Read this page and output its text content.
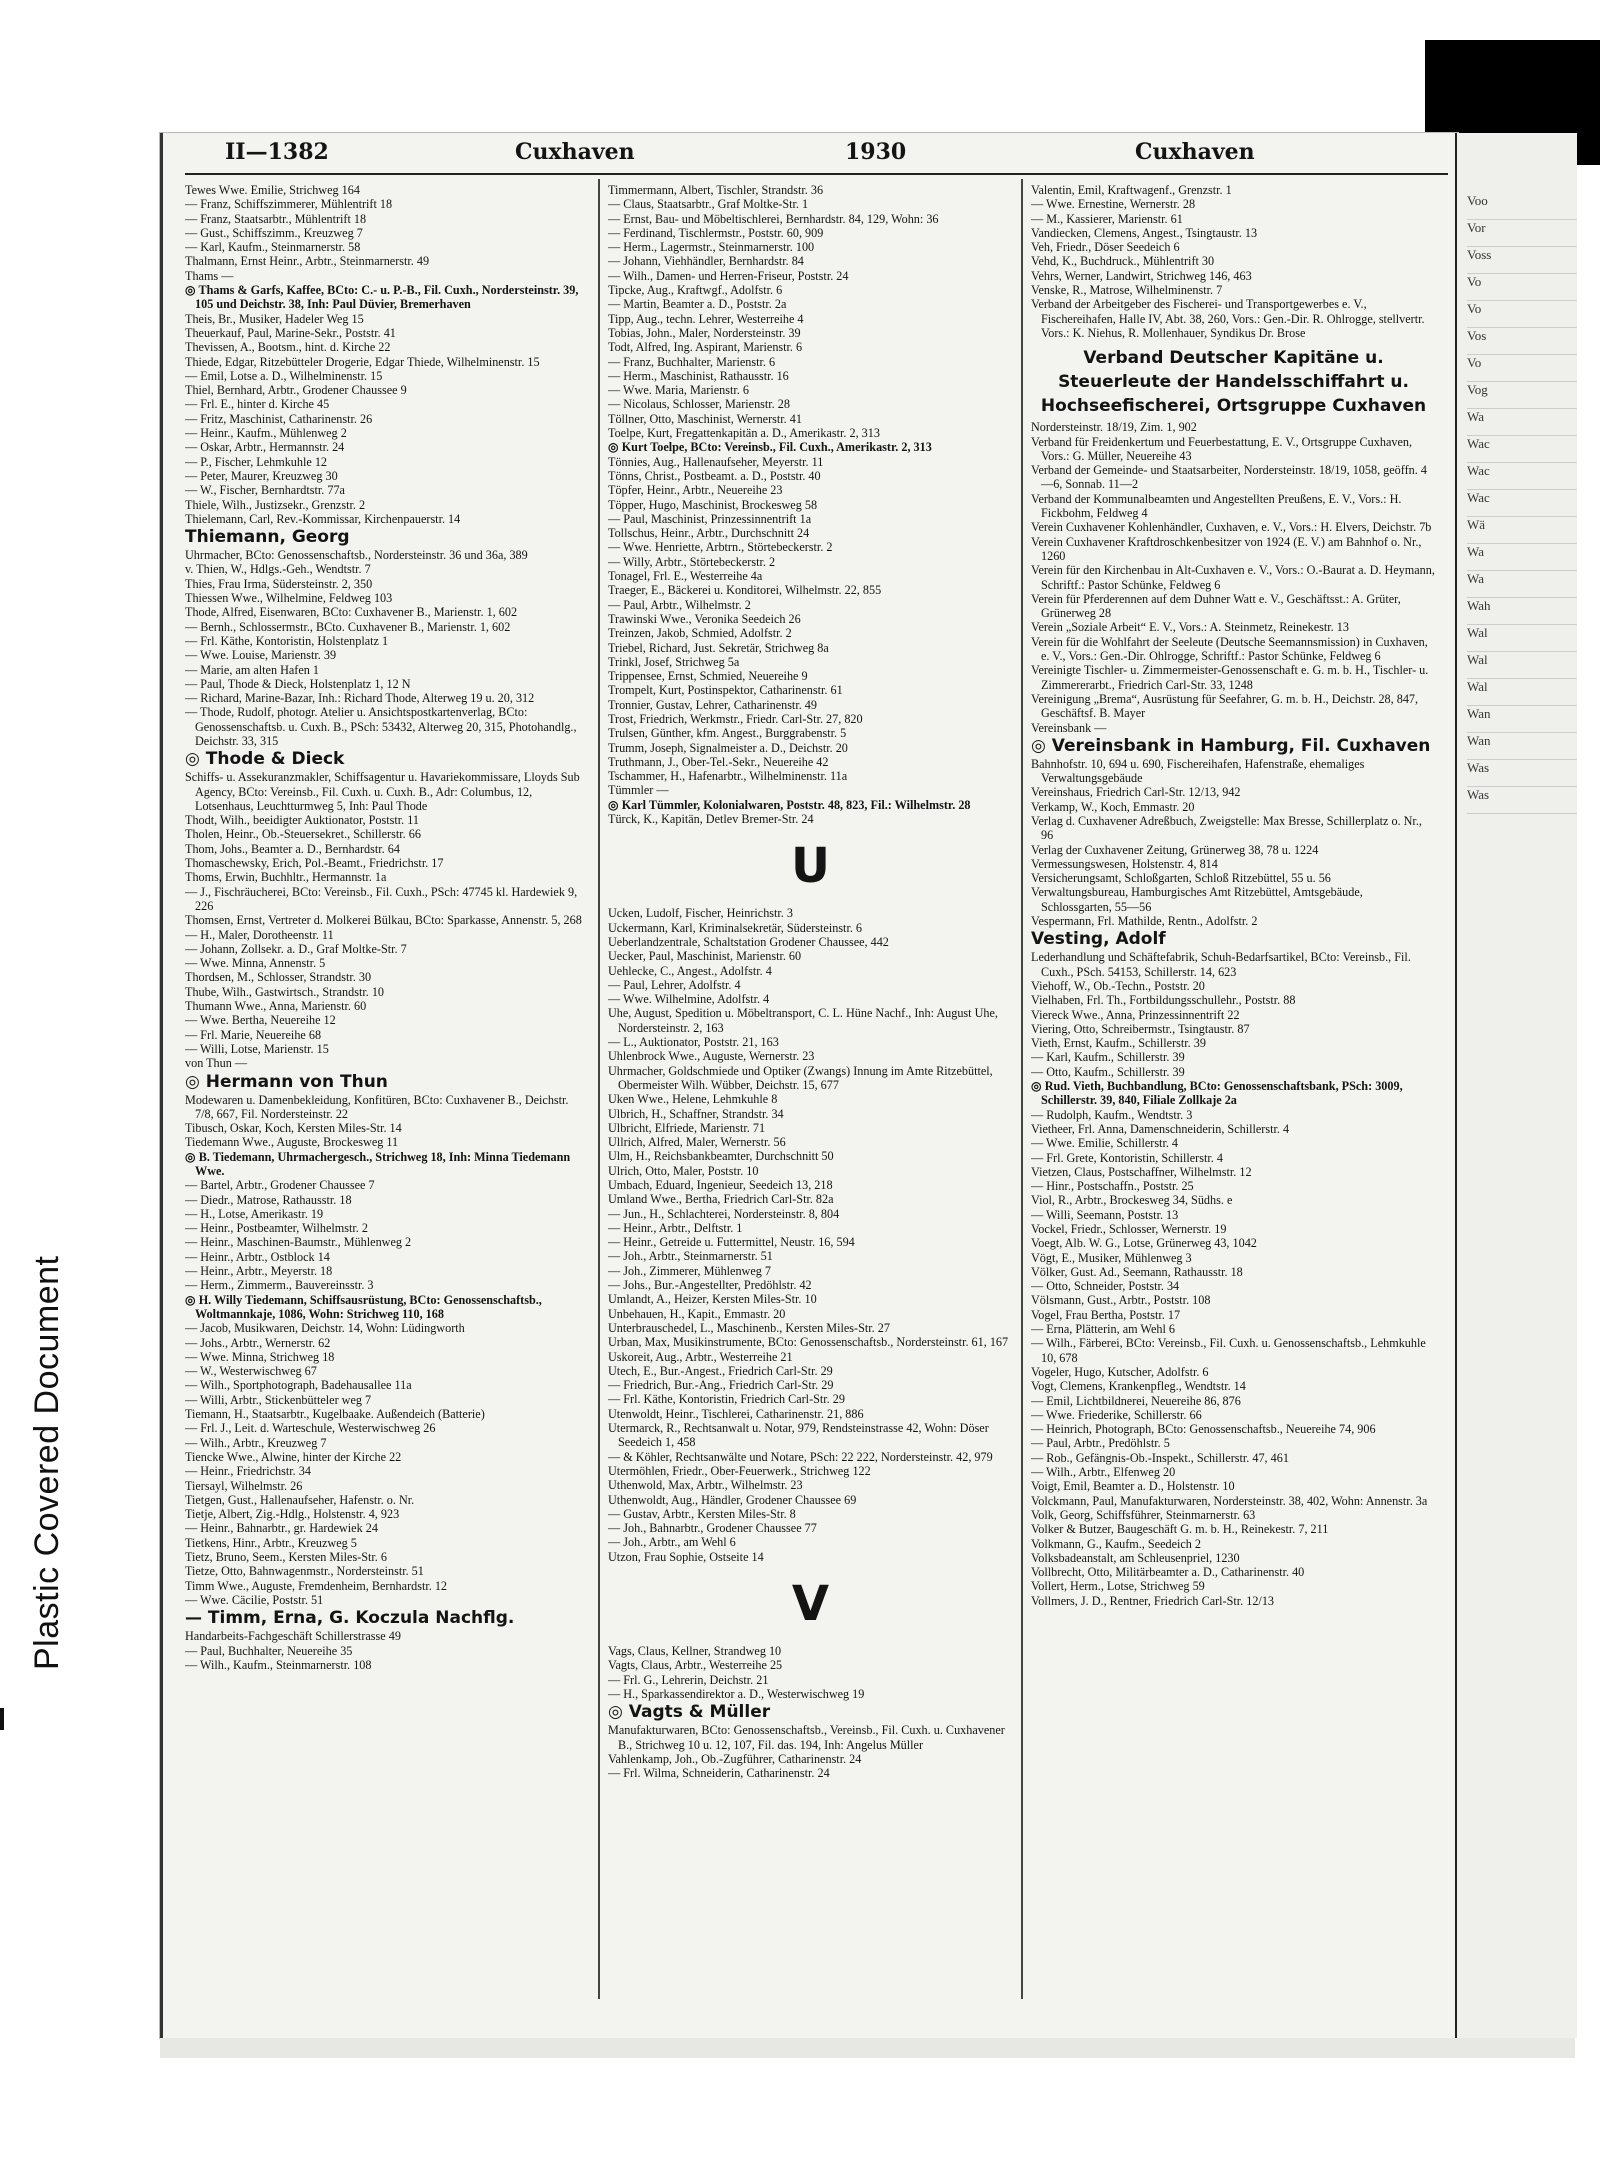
Plastic Covered Document
II—1382	Cuxhaven	1930	Cuxhaven

Tewes Wwe. Emilie, Strichweg 164

— Franz, Schiffszimmerer, Mühlentrift 18

— Franz, Staatsarbtr., Mühlentrift 18

— Gust., Schiffszimm., Kreuzweg 7

— Karl, Kaufm., Steinmarnerstr. 58

Thalmann, Ernst Heinr., Arbtr., Steinmarnerstr. 49

Thams —

◎ Thams & Garfs, Kaffee, BCto: C.- u. P.-B., Fil. Cuxh., Nordersteinstr. 39, 105 und Deichstr. 38, Inh: Paul Düvier, Bremerhaven

Theis, Br., Musiker, Hadeler Weg 15

Theuerkauf, Paul, Marine-Sekr., Poststr. 41

Thevissen, A., Bootsm., hint. d. Kirche 22

Thiede, Edgar, Ritzebütteler Drogerie, Edgar Thiede, Wilhelminenstr. 15

— Emil, Lotse a. D., Wilhelminenstr. 15

Thiel, Bernhard, Arbtr., Grodener Chaussee 9

— Frl. E., hinter d. Kirche 45

— Fritz, Maschinist, Catharinenstr. 26

— Heinr., Kaufm., Mühlenweg 2

— Oskar, Arbtr., Hermannstr. 24

— P., Fischer, Lehmkuhle 12

— Peter, Maurer, Kreuzweg 30

— W., Fischer, Bernhardtstr. 77a

Thiele, Wilh., Justizsekr., Grenzstr. 2

Thielemann, Carl, Rev.-Kommissar, Kirchenpauerstr. 14

Thiemann, Georg

Uhrmacher, BCto: Genossenschaftsb., Nordersteinstr. 36 und 36a, 389

v. Thien, W., Hdlgs.-Geh., Wendtstr. 7

Thies, Frau Irma, Südersteinstr. 2, 350

Thiessen Wwe., Wilhelmine, Feldweg 103

Thode, Alfred, Eisenwaren, BCto: Cuxhavener B., Marienstr. 1, 602

— Bernh., Schlossermstr., BCto. Cuxhavener B., Marienstr. 1, 602

— Frl. Käthe, Kontoristin, Holstenplatz 1

— Wwe. Louise, Marienstr. 39

— Marie, am alten Hafen 1

— Paul, Thode & Dieck, Holstenplatz 1, 12 N

— Richard, Marine-Bazar, Inh.: Richard Thode, Alterweg 19 u. 20, 312

— Thode, Rudolf, photogr. Atelier u. Ansichtspostkartenverlag, BCto: Genossenschaftsb. u. Cuxh. B., PSch: 53432, Alterweg 20, 315, Photohandlg., Deichstr. 33, 315

◎ Thode & Dieck

Schiffs- u. Assekuranzmakler, Schiffsagentur u. Havariekommissare, Lloyds Sub Agency, BCto: Vereinsb., Fil. Cuxh. u. Cuxh. B., Adr: Columbus, 12, Lotsenhaus, Leuchtturmweg 5, Inh: Paul Thode

Thodt, Wilh., beeidigter Auktionator, Poststr. 11

Tholen, Heinr., Ob.-Steuersekret., Schillerstr. 66

Thom, Johs., Beamter a. D., Bernhardstr. 64

Thomaschewsky, Erich, Pol.-Beamt., Friedrichstr. 17

Thoms, Erwin, Buchhltr., Hermannstr. 1a

— J., Fischräucherei, BCto: Vereinsb., Fil. Cuxh., PSch: 47745 kl. Hardewiek 9, 226

Thomsen, Ernst, Vertreter d. Molkerei Bülkau, BCto: Sparkasse, Annenstr. 5, 268

— H., Maler, Dorotheenstr. 11

— Johann, Zollsekr. a. D., Graf Moltke-Str. 7

— Wwe. Minna, Annenstr. 5

Thordsen, M., Schlosser, Strandstr. 30

Thube, Wilh., Gastwirtsch., Strandstr. 10

Thumann Wwe., Anna, Marienstr. 60

— Wwe. Bertha, Neuereihe 12

— Frl. Marie, Neuereihe 68

— Willi, Lotse, Marienstr. 15

von Thun —

◎ Hermann von Thun

Modewaren u. Damenbekleidung, Konfitüren, BCto: Cuxhavener B., Deichstr. 7/8, 667, Fil. Nordersteinstr. 22

Tibusch, Oskar, Koch, Kersten Miles-Str. 14

Tiedemann Wwe., Auguste, Brockesweg 11

◎ B. Tiedemann, Uhrmachergesch., Strichweg 18, Inh: Minna Tiedemann Wwe.

— Bartel, Arbtr., Grodener Chaussee 7

— Diedr., Matrose, Rathausstr. 18

— H., Lotse, Amerikastr. 19

— Heinr., Postbeamter, Wilhelmstr. 2

— Heinr., Maschinen-Baumstr., Mühlenweg 2

— Heinr., Arbtr., Ostblock 14

— Heinr., Arbtr., Meyerstr. 18

— Herm., Zimmerm., Bauvereinsstr. 3

◎ H. Willy Tiedemann, Schiffsausrüstung, BCto: Genossenschaftsb., Woltmannkaje, 1086, Wohn: Strichweg 110, 168

— Jacob, Musikwaren, Deichstr. 14, Wohn: Lüdingworth

— Johs., Arbtr., Wernerstr. 62

— Wwe. Minna, Strichweg 18

— W., Westerwischweg 67

— Wilh., Sportphotograph, Badehausallee 11a

— Willi, Arbtr., Stickenbütteler weg 7

Tiemann, H., Staatsarbtr., Kugelbaake. Außendeich (Batterie)

— Frl. J., Leit. d. Warteschule, Westerwischweg 26

— Wilh., Arbtr., Kreuzweg 7

Tiencke Wwe., Alwine, hinter der Kirche 22

— Heinr., Friedrichstr. 34

Tiersayl, Wilhelmstr. 26

Tietgen, Gust., Hallenaufseher, Hafenstr. o. Nr.

Tietje, Albert, Zig.-Hdlg., Holstenstr. 4, 923

— Heinr., Bahnarbtr., gr. Hardewiek 24

Tietkens, Hinr., Arbtr., Kreuzweg 5

Tietz, Bruno, Seem., Kersten Miles-Str. 6

Tietze, Otto, Bahnwagenmstr., Nordersteinstr. 51

Timm Wwe., Auguste, Fremdenheim, Bernhardstr. 12

— Wwe. Cäcilie, Poststr. 51

— Timm, Erna, G. Koczula Nachflg.

Handarbeits-Fachgeschäft Schillerstrasse 49

— Paul, Buchhalter, Neuereihe 35

— Wilh., Kaufm., Steinmarnerstr. 108

Timmermann, Albert, Tischler, Strandstr. 36

— Claus, Staatsarbtr., Graf Moltke-Str. 1

— Ernst, Bau- und Möbeltischlerei, Bernhardstr. 84, 129, Wohn: 36

— Ferdinand, Tischlermstr., Poststr. 60, 909

— Herm., Lagermstr., Steinmarnerstr. 100

— Johann, Viehhändler, Bernhardstr. 84

— Wilh., Damen- und Herren-Friseur, Poststr. 24

Tipcke, Aug., Kraftwgf., Adolfstr. 6

— Martin, Beamter a. D., Poststr. 2a

Tipp, Aug., techn. Lehrer, Westerreihe 4

Tobias, John., Maler, Nordersteinstr. 39

Todt, Alfred, Ing. Aspirant, Marienstr. 6

— Franz, Buchhalter, Marienstr. 6

— Herm., Maschinist, Rathausstr. 16

— Wwe. Maria, Marienstr. 6

— Nicolaus, Schlosser, Marienstr. 28

Töllner, Otto, Maschinist, Wernerstr. 41

Toelpe, Kurt, Fregattenkapitän a. D., Amerikastr. 2, 313

◎ Kurt Toelpe, BCto: Vereinsb., Fil. Cuxh., Amerikastr. 2, 313

Tönnies, Aug., Hallenaufseher, Meyerstr. 11

Tönns, Christ., Postbeamt. a. D., Poststr. 40

Töpfer, Heinr., Arbtr., Neuereihe 23

Töpper, Hugo, Maschinist, Brockesweg 58

— Paul, Maschinist, Prinzessinnentrift 1a

Tollschus, Heinr., Arbtr., Durchschnitt 24

— Wwe. Henriette, Arbtrn., Störtebeckerstr. 2

— Willy, Arbtr., Störtebeckerstr. 2

Tonagel, Frl. E., Westerreihe 4a

Traeger, E., Bäckerei u. Konditorei, Wilhelmstr. 22, 855

— Paul, Arbtr., Wilhelmstr. 2

Trawinski Wwe., Veronika Seedeich 26

Treinzen, Jakob, Schmied, Adolfstr. 2

Triebel, Richard, Just. Sekretär, Strichweg 8a

Trinkl, Josef, Strichweg 5a

Trippensee, Ernst, Schmied, Neuereihe 9

Trompelt, Kurt, Postinspektor, Catharinenstr. 61

Tronnier, Gustav, Lehrer, Catharinenstr. 49

Trost, Friedrich, Werkmstr., Friedr. Carl-Str. 27, 820

Trulsen, Günther, kfm. Angest., Burggrabenstr. 5

Trumm, Joseph, Signalmeister a. D., Deichstr. 20

Truthmann, J., Ober-Tel.-Sekr., Neuereihe 42

Tschammer, H., Hafenarbtr., Wilhelminenstr. 11a

Tümmler —

◎ Karl Tümmler, Kolonialwaren, Poststr. 48, 823, Fil.: Wilhelmstr. 28

Türck, K., Kapitän, Detlev Bremer-Str. 24

U

Ucken, Ludolf, Fischer, Heinrichstr. 3

Uckermann, Karl, Kriminalsekretär, Südersteinstr. 6

Ueberlandzentrale, Schaltstation Grodener Chaussee, 442

Uecker, Paul, Maschinist, Marienstr. 60

Uehlecke, C., Angest., Adolfstr. 4

— Paul, Lehrer, Adolfstr. 4

— Wwe. Wilhelmine, Adolfstr. 4

Uhe, August, Spedition u. Möbeltransport, C. L. Hüne Nachf., Inh: August Uhe, Nordersteinstr. 2, 163

— L., Auktionator, Poststr. 21, 163

Uhlenbrock Wwe., Auguste, Wernerstr. 23

Uhrmacher, Goldschmiede und Optiker (Zwangs) Innung im Amte Ritzebüttel, Obermeister Wilh. Wübber, Deichstr. 15, 677

Uken Wwe., Helene, Lehmkuhle 8

Ulbrich, H., Schaffner, Strandstr. 34

Ulbricht, Elfriede, Marienstr. 71

Ullrich, Alfred, Maler, Wernerstr. 56

Ulm, H., Reichsbankbeamter, Durchschnitt 50

Ulrich, Otto, Maler, Poststr. 10

Umbach, Eduard, Ingenieur, Seedeich 13, 218

Umland Wwe., Bertha, Friedrich Carl-Str. 82a

— Jun., H., Schlachterei, Nordersteinstr. 8, 804

— Heinr., Arbtr., Delftstr. 1

— Heinr., Getreide u. Futtermittel, Neustr. 16, 594

— Joh., Arbtr., Steinmarnerstr. 51

— Joh., Zimmerer, Mühlenweg 7

— Johs., Bur.-Angestellter, Predöhlstr. 42

Umlandt, A., Heizer, Kersten Miles-Str. 10

Unbehauen, H., Kapit., Emmastr. 20

Unterbrauschedel, L., Maschinenb., Kersten Miles-Str. 27

Urban, Max, Musikinstrumente, BCto: Genossenschaftsb., Nordersteinstr. 61, 167

Uskoreit, Aug., Arbtr., Westerreihe 21

Utech, E., Bur.-Angest., Friedrich Carl-Str. 29

— Friedrich, Bur.-Ang., Friedrich Carl-Str. 29

— Frl. Käthe, Kontoristin, Friedrich Carl-Str. 29

Utenwoldt, Heinr., Tischlerei, Catharinenstr. 21, 886

Utermarck, R., Rechtsanwalt u. Notar, 979, Rendsteinstrasse 42, Wohn: Döser Seedeich 1, 458

— & Köhler, Rechtsanwälte und Notare, PSch: 22 222, Nordersteinstr. 42, 979

Utermöhlen, Friedr., Ober-Feuerwerk., Strichweg 122

Uthenwold, Max, Arbtr., Wilhelmstr. 23

Uthenwoldt, Aug., Händler, Grodener Chaussee 69

— Gustav, Arbtr., Kersten Miles-Str. 8

— Joh., Bahnarbtr., Grodener Chaussee 77

— Joh., Arbtr., am Wehl 6

Utzon, Frau Sophie, Ostseite 14

V

Vags, Claus, Kellner, Strandweg 10

Vagts, Claus, Arbtr., Westerreihe 25

— Frl. G., Lehrerin, Deichstr. 21

— H., Sparkassendirektor a. D., Westerwischweg 19

◎ Vagts & Müller

Manufakturwaren, BCto: Genossenschaftsb., Vereinsb., Fil. Cuxh. u. Cuxhavener B., Strichweg 10 u. 12, 107, Fil. das. 194, Inh: Angelus Müller

Vahlenkamp, Joh., Ob.-Zugführer, Catharinenstr. 24

— Frl. Wilma, Schneiderin, Catharinenstr. 24

Valentin, Emil, Kraftwagenf., Grenzstr. 1

— Wwe. Ernestine, Wernerstr. 28

— M., Kassierer, Marienstr. 61

Vandiecken, Clemens, Angest., Tsingtaustr. 13

Veh, Friedr., Döser Seedeich 6

Vehd, K., Buchdruck., Mühlentrift 30

Vehrs, Werner, Landwirt, Strichweg 146, 463

Venske, R., Matrose, Wilhelminenstr. 7

Verband der Arbeitgeber des Fischerei- und Transportgewerbes e. V., Fischereihafen, Halle IV, Abt. 38, 260, Vors.: Gen.-Dir. R. Ohlrogge, stellvertr. Vors.: K. Niehus, R. Mollenhauer, Syndikus Dr. Brose

Verband Deutscher Kapitäne u. Steuerleute der Handelsschiffahrt u. Hochseefischerei, Ortsgruppe Cuxhaven

Nordersteinstr. 18/19, Zim. 1, 902

Verband für Freidenkertum und Feuerbestattung, E. V., Ortsgruppe Cuxhaven, Vors.: G. Müller, Neuereihe 43

Verband der Gemeinde- und Staatsarbeiter, Nordersteinstr. 18/19, 1058, geöffn. 4—6, Sonnab. 11—2

Verband der Kommunalbeamten und Angestellten Preußens, E. V., Vors.: H. Fickbohm, Feldweg 4

Verein Cuxhavener Kohlenhändler, Cuxhaven, e. V., Vors.: H. Elvers, Deichstr. 7b

Verein Cuxhavener Kraftdroschkenbesitzer von 1924 (E. V.) am Bahnhof o. Nr., 1260

Verein für den Kirchenbau in Alt-Cuxhaven e. V., Vors.: O.-Baurat a. D. Heymann, Schriftf.: Pastor Schünke, Feldweg 6

Verein für Pferderennen auf dem Duhner Watt e. V., Geschäftsst.: A. Grüter, Grünerweg 28

Verein „Soziale Arbeit“ E. V., Vors.: A. Steinmetz, Reinekestr. 13

Verein für die Wohlfahrt der Seeleute (Deutsche Seemannsmission) in Cuxhaven, e. V., Vors.: Gen.-Dir. Ohlrogge, Schriftf.: Pastor Schünke, Feldweg 6

Vereinigte Tischler- u. Zimmermeister-Genossenschaft e. G. m. b. H., Tischler- u. Zimmererarbt., Friedrich Carl-Str. 33, 1248

Vereinigung „Brema“, Ausrüstung für Seefahrer, G. m. b. H., Deichstr. 28, 847, Geschäftsf. B. Mayer

Vereinsbank —

◎ Vereinsbank in Hamburg, Fil. Cuxhaven

Bahnhofstr. 10, 694 u. 690, Fischereihafen, Hafenstraße, ehemaliges Verwaltungsgebäude

Vereinshaus, Friedrich Carl-Str. 12/13, 942

Verkamp, W., Koch, Emmastr. 20

Verlag d. Cuxhavener Adreßbuch, Zweigstelle: Max Bresse, Schillerplatz o. Nr., 96

Verlag der Cuxhavener Zeitung, Grünerweg 38, 78 u. 1224

Vermessungswesen, Holstenstr. 4, 814

Versicherungsamt, Schloßgarten, Schloß Ritzebüttel, 55 u. 56

Verwaltungsbureau, Hamburgisches Amt Ritzebüttel, Amtsgebäude, Schlossgarten, 55—56

Vespermann, Frl. Mathilde, Rentn., Adolfstr. 2

Vesting, Adolf

Lederhandlung und Schäftefabrik, Schuh-Bedarfsartikel, BCto: Vereinsb., Fil. Cuxh., PSch. 54153, Schillerstr. 14, 623

Viehoff, W., Ob.-Techn., Poststr. 20

Vielhaben, Frl. Th., Fortbildungsschullehr., Poststr. 88

Viereck Wwe., Anna, Prinzessinnentrift 22

Viering, Otto, Schreibermstr., Tsingtaustr. 87

Vieth, Ernst, Kaufm., Schillerstr. 39

— Karl, Kaufm., Schillerstr. 39

— Otto, Kaufm., Schillerstr. 39

◎ Rud. Vieth, Buchbandlung, BCto: Genossenschaftsbank, PSch: 3009, Schillerstr. 39, 840, Filiale Zollkaje 2a

— Rudolph, Kaufm., Wendtstr. 3

Vietheer, Frl. Anna, Damenschneiderin, Schillerstr. 4

— Wwe. Emilie, Schillerstr. 4

— Frl. Grete, Kontoristin, Schillerstr. 4

Vietzen, Claus, Postschaffner, Wilhelmstr. 12

— Hinr., Postschaffn., Poststr. 25

Viol, R., Arbtr., Brockesweg 34, Südhs. e

— Willi, Seemann, Poststr. 13

Vockel, Friedr., Schlosser, Wernerstr. 19

Voegt, Alb. W. G., Lotse, Grünerweg 43, 1042

Vögt, E., Musiker, Mühlenweg 3

Völker, Gust. Ad., Seemann, Rathausstr. 18

— Otto, Schneider, Poststr. 34

Völsmann, Gust., Arbtr., Poststr. 108

Vogel, Frau Bertha, Poststr. 17

— Erna, Plätterin, am Wehl 6

— Wilh., Färberei, BCto: Vereinsb., Fil. Cuxh. u. Genossenschaftsb., Lehmkuhle 10, 678

Vogeler, Hugo, Kutscher, Adolfstr. 6

Vogt, Clemens, Krankenpfleg., Wendtstr. 14

— Emil, Lichtbildnerei, Neuereihe 86, 876

— Wwe. Friederike, Schillerstr. 66

— Heinrich, Photograph, BCto: Genossenschaftsb., Neuereihe 74, 906

— Paul, Arbtr., Predöhlstr. 5

— Rob., Gefängnis-Ob.-Inspekt., Schillerstr. 47, 461

— Wilh., Arbtr., Elfenweg 20

Voigt, Emil, Beamter a. D., Holstenstr. 10

Volckmann, Paul, Manufakturwaren, Nordersteinstr. 38, 402, Wohn: Annenstr. 3a

Volk, Georg, Schiffsführer, Steinmarnerstr. 63

Volker & Butzer, Baugeschäft G. m. b. H., Reinekestr. 7, 211

Volkmann, G., Kaufm., Seedeich 2

Volksbadeanstalt, am Schleusenpriel, 1230

Vollbrecht, Otto, Militärbeamter a. D., Catharinenstr. 40

Vollert, Herm., Lotse, Strichweg 59

Vollmers, J. D., Rentner, Friedrich Carl-Str. 12/13

Voo
Vor
Voss
Vo
Vo
Vos
Vo
Vog
Wa
Wac
Wac
Wac
Wä
Wa
Wa
Wah
Wal
Wal
Wal
Wan
Wan
Was
Was
